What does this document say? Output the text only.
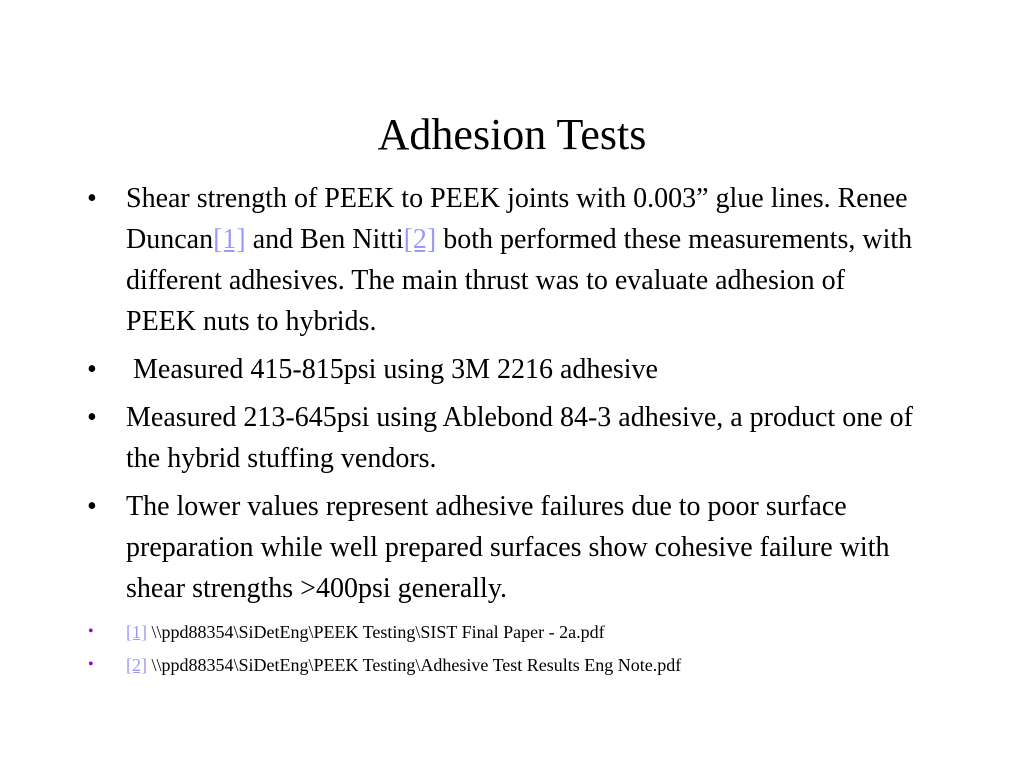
Adhesion Tests
• Shear strength of PEEK to PEEK joints with 0.003” glue lines. Renee Duncan[1] and Ben Nitti[2] both performed these measurements, with different adhesives. The main thrust was to evaluate adhesion of PEEK nuts to hybrids.
• Measured 415-815psi using 3M 2216 adhesive
• Measured 213-645psi using Ablebond 84-3 adhesive, a product one of the hybrid stuffing vendors.
• The lower values represent adhesive failures due to poor surface preparation while well prepared surfaces show cohesive failure with shear strengths >400psi generally.
• [1] \\ppd88354\SiDetEng\PEEK Testing\SIST Final Paper - 2a.pdf
• [2] \\ppd88354\SiDetEng\PEEK Testing\Adhesive Test Results Eng Note.pdf
